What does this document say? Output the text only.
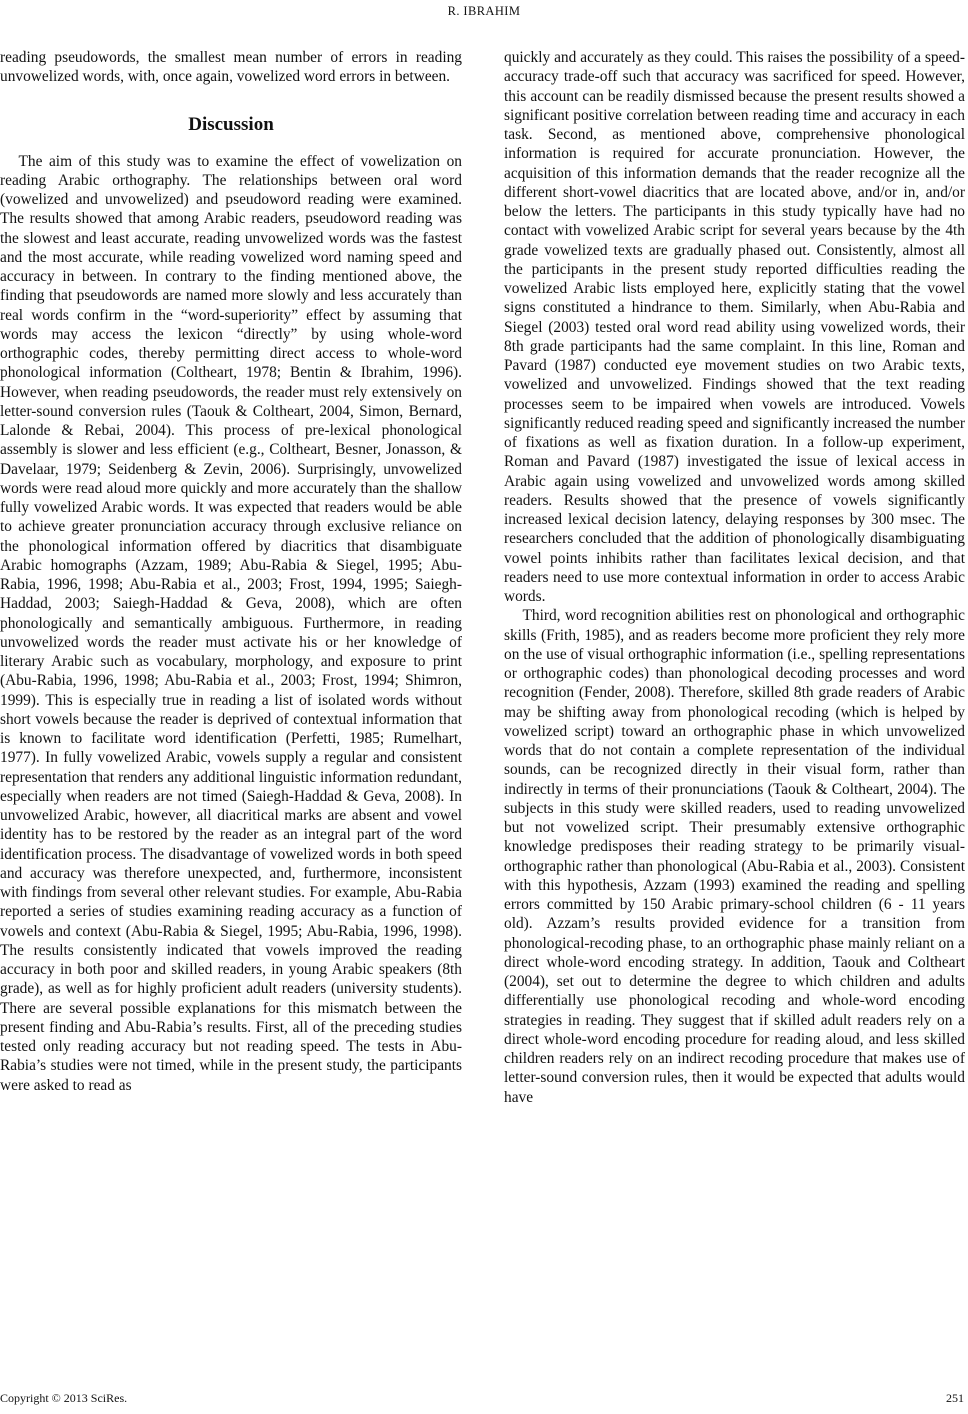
R. IBRAHIM

reading pseudowords, the smallest mean number of errors in reading unvowelized words, with, once again, vowelized word errors in between.

Discussion

The aim of this study was to examine the effect of vowelization on reading Arabic orthography. The relationships between oral word (vowelized and unvowelized) and pseudoword reading were examined. The results showed that among Arabic readers, pseudoword reading was the slowest and least accurate, reading unvowelized words was the fastest and the most accurate, while reading vowelized word naming speed and accuracy in between. In contrary to the finding mentioned above, the finding that pseudowords are named more slowly and less accurately than real words confirm in the “word-superiority” effect by assuming that words may access the lexicon “directly” by using whole-word orthographic codes, thereby permitting direct access to whole-word phonological information (Coltheart, 1978; Bentin & Ibrahim, 1996). However, when reading pseudowords, the reader must rely extensively on letter-sound conversion rules (Taouk & Coltheart, 2004, Simon, Bernard, Lalonde & Rebai, 2004). This process of pre-lexical phonological assembly is slower and less efficient (e.g., Coltheart, Besner, Jonasson, & Davelaar, 1979; Seidenberg & Zevin, 2006). Surprisingly, unvowelized words were read aloud more quickly and more accurately than the shallow fully vowelized Arabic words. It was expected that readers would be able to achieve greater pronunciation accuracy through exclusive reliance on the phonological information offered by diacritics that disambiguate Arabic homographs (Azzam, 1989; Abu-Rabia & Siegel, 1995; Abu-Rabia, 1996, 1998; Abu-Rabia et al., 2003; Frost, 1994, 1995; Saiegh-Haddad, 2003; Saiegh-Haddad & Geva, 2008), which are often phonologically and semantically ambiguous. Furthermore, in reading unvowelized words the reader must activate his or her knowledge of literary Arabic such as vocabulary, morphology, and exposure to print (Abu-Rabia, 1996, 1998; Abu-Rabia et al., 2003; Frost, 1994; Shimron, 1999). This is especially true in reading a list of isolated words without short vowels because the reader is deprived of contextual information that is known to facilitate word identification (Perfetti, 1985; Rumelhart, 1977). In fully vowelized Arabic, vowels supply a regular and consistent representation that renders any additional linguistic information redundant, especially when readers are not timed (Saiegh-Haddad & Geva, 2008). In unvowelized Arabic, however, all diacritical marks are absent and vowel identity has to be restored by the reader as an integral part of the word identification process. The disadvantage of vowelized words in both speed and accuracy was therefore unexpected, and, furthermore, inconsistent with findings from several other relevant studies. For example, Abu-Rabia reported a series of studies examining reading accuracy as a function of vowels and context (Abu-Rabia & Siegel, 1995; Abu-Rabia, 1996, 1998). The results consistently indicated that vowels improved the reading accuracy in both poor and skilled readers, in young Arabic speakers (8th grade), as well as for highly proficient adult readers (university students). There are several possible explanations for this mismatch between the present finding and Abu-Rabia’s results. First, all of the preceding studies tested only reading accuracy but not reading speed. The tests in Abu-Rabia’s studies were not timed, while in the present study, the participants were asked to read as

quickly and accurately as they could. This raises the possibility of a speed-accuracy trade-off such that accuracy was sacrificed for speed. However, this account can be readily dismissed because the present results showed a significant positive correlation between reading time and accuracy in each task. Second, as mentioned above, comprehensive phonological information is required for accurate pronunciation. However, the acquisition of this information demands that the reader recognize all the different short-vowel diacritics that are located above, and/or in, and/or below the letters. The participants in this study typically have had no contact with vowelized Arabic script for several years because by the 4th grade vowelized texts are gradually phased out. Consistently, almost all the participants in the present study reported difficulties reading the vowelized Arabic lists employed here, explicitly stating that the vowel signs constituted a hindrance to them. Similarly, when Abu-Rabia and Siegel (2003) tested oral word read ability using vowelized words, their 8th grade participants had the same complaint. In this line, Roman and Pavard (1987) conducted eye movement studies on two Arabic texts, vowelized and unvowelized. Findings showed that the text reading processes seem to be impaired when vowels are introduced. Vowels significantly reduced reading speed and significantly increased the number of fixations as well as fixation duration. In a follow-up experiment, Roman and Pavard (1987) investigated the issue of lexical access in Arabic again using vowelized and unvowelized words among skilled readers. Results showed that the presence of vowels significantly increased lexical decision latency, delaying responses by 300 msec. The researchers concluded that the addition of phonologically disambiguating vowel points inhibits rather than facilitates lexical decision, and that readers need to use more contextual information in order to access Arabic words.

Third, word recognition abilities rest on phonological and orthographic skills (Frith, 1985), and as readers become more proficient they rely more on the use of visual orthographic information (i.e., spelling representations or orthographic codes) than phonological decoding processes and word recognition (Fender, 2008). Therefore, skilled 8th grade readers of Arabic may be shifting away from phonological recoding (which is helped by vowelized script) toward an orthographic phase in which unvowelized words that do not contain a complete representation of the individual sounds, can be recognized directly in their visual form, rather than indirectly in terms of their pronunciations (Taouk & Coltheart, 2004). The subjects in this study were skilled readers, used to reading unvowelized but not vowelized script. Their presumably extensive orthographic knowledge predisposes their reading strategy to be primarily visual-orthographic rather than phonological (Abu-Rabia et al., 2003). Consistent with this hypothesis, Azzam (1993) examined the reading and spelling errors committed by 150 Arabic primary-school children (6 - 11 years old). Azzam’s results provided evidence for a transition from phonological-recoding phase, to an orthographic phase mainly reliant on a direct whole-word encoding strategy. In addition, Taouk and Coltheart (2004), set out to determine the degree to which children and adults differentially use phonological recoding and whole-word encoding strategies in reading. They suggest that if skilled adult readers rely on a direct whole-word encoding procedure for reading aloud, and less skilled children readers rely on an indirect recoding procedure that makes use of letter-sound conversion rules, then it would be expected that adults would have

Copyright © 2013 SciRes.	251
